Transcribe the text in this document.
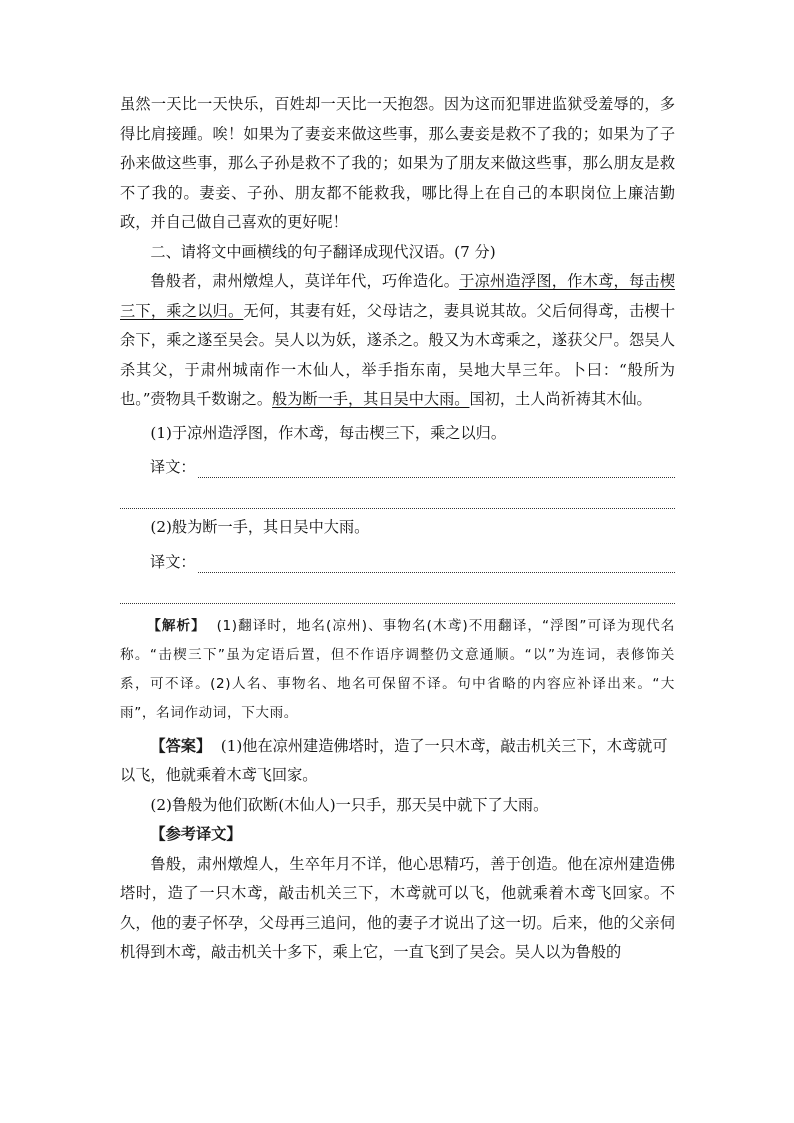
虽然一天比一天快乐，百姓却一天比一天抱怨。因为这而犯罪进监狱受羞辱的，多得比肩接踵。唉！如果为了妻妾来做这些事，那么妻妾是救不了我的；如果为了子孙来做这些事，那么子孙是救不了我的；如果为了朋友来做这些事，那么朋友是救不了我的。妻妾、子孙、朋友都不能救我，哪比得上在自己的本职岗位上廉洁勤政，并自己做自己喜欢的更好呢！

二、请将文中画横线的句子翻译成现代汉语。(7 分)

鲁般者，肃州燉煌人，莫详年代，巧侔造化。于凉州造浮图，作木鸢，每击楔三下，乘之以归。无何，其妻有妊，父母诘之，妻具说其故。父后伺得鸢，击楔十余下，乘之遂至吴会。吴人以为妖，遂杀之。般又为木鸢乘之，遂获父尸。怨吴人杀其父，于肃州城南作一木仙人，举手指东南，吴地大旱三年。卜曰：“般所为也。”赍物具千数谢之。般为断一手，其日吴中大雨。国初，土人尚祈祷其木仙。

(1)于凉州造浮图，作木鸢，每击楔三下，乘之以归。

译文：

(2)般为断一手，其日吴中大雨。

译文：

【解析】 (1)翻译时，地名(凉州)、事物名(木鸢)不用翻译，“浮图”可译为现代名称。“击楔三下”虽为定语后置，但不作语序调整仍文意通顺。“以”为连词，表修饰关系，可不译。(2)人名、事物名、地名可保留不译。句中省略的内容应补译出来。“大雨”，名词作动词，下大雨。

【答案】 (1)他在凉州建造佛塔时，造了一只木鸢，敲击机关三下，木鸢就可以飞，他就乘着木鸢飞回家。

(2)鲁般为他们砍断(木仙人)一只手，那天吴中就下了大雨。

【参考译文】

鲁般，肃州燉煌人，生卒年月不详，他心思精巧，善于创造。他在凉州建造佛塔时，造了一只木鸢，敲击机关三下，木鸢就可以飞，他就乘着木鸢飞回家。不久，他的妻子怀孕，父母再三追问，他的妻子才说出了这一切。后来，他的父亲伺机得到木鸢，敲击机关十多下，乘上它，一直飞到了吴会。吴人以为鲁般的
